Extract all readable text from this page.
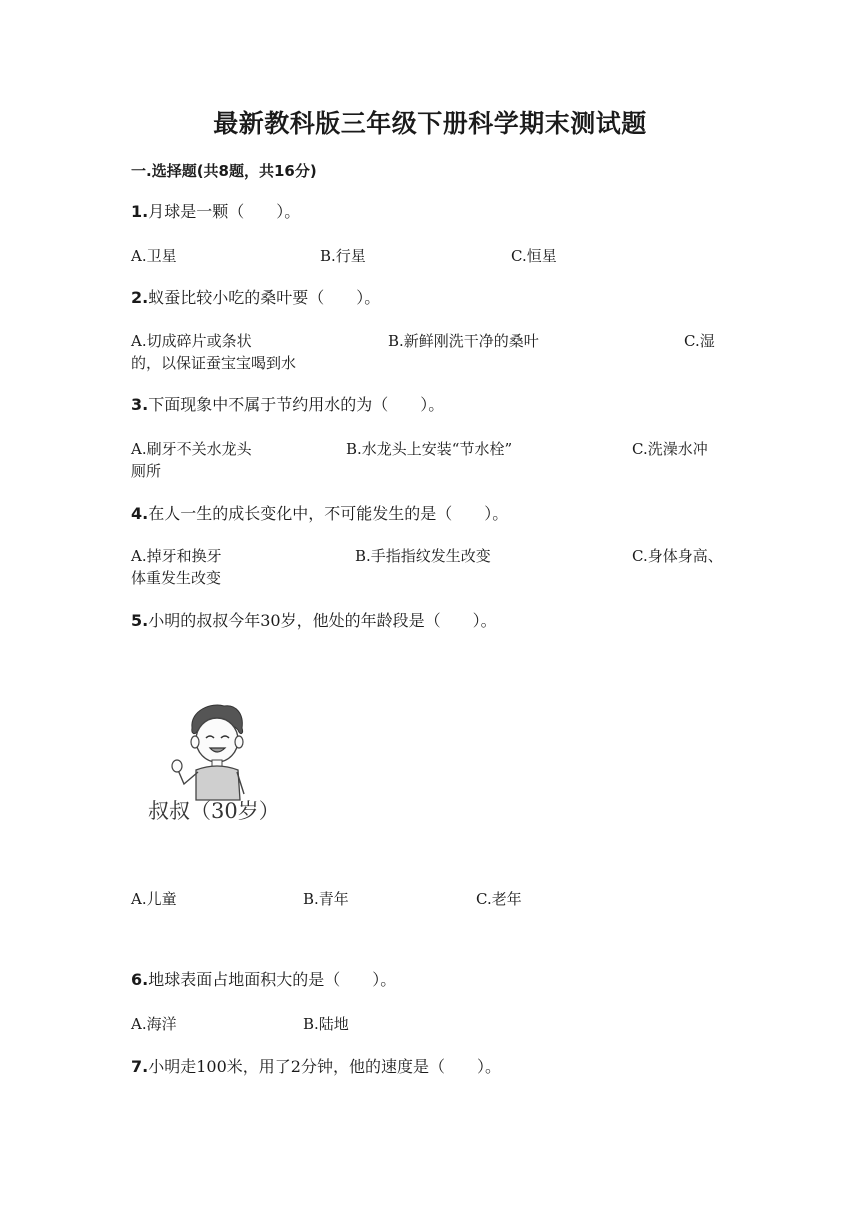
最新教科版三年级下册科学期末测试题
一.选择题(共8题，共16分)
1.月球是一颗（　　）。
A.卫星	B.行星	C.恒星
2.蚁蚕比较小吃的桑叶要（　　）。
A.切成碎片或条状	B.新鲜刚洗干净的桑叶	C.湿
的，以保证蚕宝宝喝到水
3.下面现象中不属于节约用水的为（　　）。
A.刷牙不关水龙头	B.水龙头上安装“节水栓”	C.洗澡水冲
厕所
4.在人一生的成长变化中，不可能发生的是（　　）。
A.掉牙和换牙	B.手指指纹发生改变	C.身体身高、
体重发生改变
5.小明的叔叔今年30岁，他处的年龄段是（　　）。
叔叔（30岁）
A.儿童	B.青年	C.老年
6.地球表面占地面积大的是（　　）。
A.海洋	B.陆地
7.小明走100米，用了2分钟，他的速度是（　　）。
